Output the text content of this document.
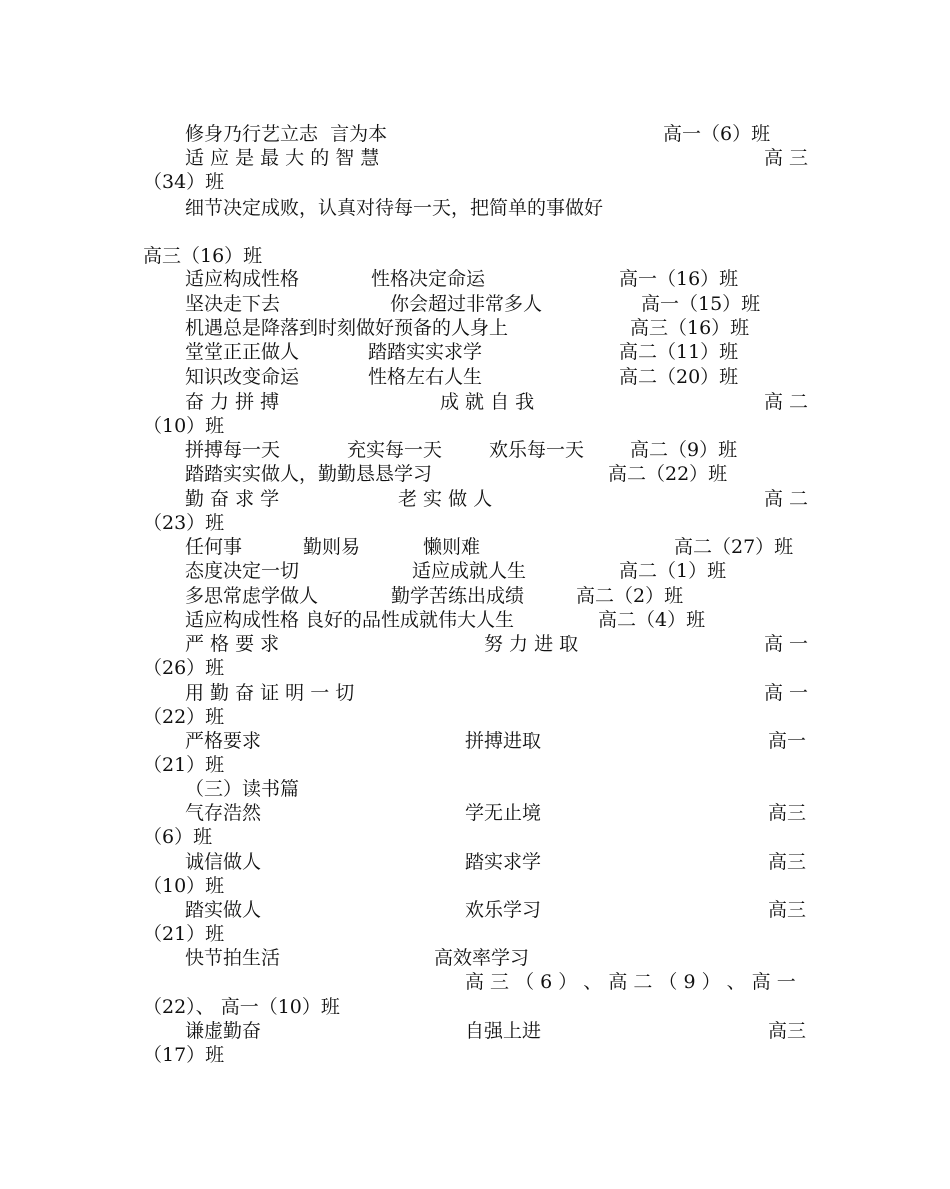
修身乃行艺立志  言为本	高一（6）班
适 应 是 最 大 的 智 慧	高 三
（34）班
细节决定成败，认真对待每一天，把简单的事做好
高三（16）班
适应构成性格	性格决定命运	高一（16）班
坚决走下去	你会超过非常多人	高一（15）班
机遇总是降落到时刻做好预备的人身上	高三（16）班
堂堂正正做人	踏踏实实求学	高二（11）班
知识改变命运	性格左右人生	高二（20）班
奋 力 拼 搏	成 就 自 我	高 二
（10）班
拼搏每一天	充实每一天 欢乐每一天 高二（9）班
踏踏实实做人，勤勤恳恳学习	高二（22）班
勤 奋 求 学	老 实 做 人	高 二
（23）班
任何事	勤则易	懒则难	高二（27）班
态度决定一切	适应成就人生	高二（1）班
多思常虑学做人	勤学苦练出成绩	高二（2）班
适应构成性格 良好的品性成就伟大人生	高二（4）班
严 格 要 求	努 力 进 取	高 一
（26）班
用 勤 奋 证 明 一 切	高 一
（22）班
严格要求	拼搏进取	高一
（21）班
（三）读书篇
气存浩然	学无止境	高三
（6）班
诚信做人	踏实求学	高三
（10）班
踏实做人	欢乐学习	高三
（21）班
快节拍生活	高效率学习
高 三 （ 6 ） 、 高 二 （ 9 ） 、 高 一
（22）、 高一（10）班
谦虚勤奋	自强上进	高三
（17）班
